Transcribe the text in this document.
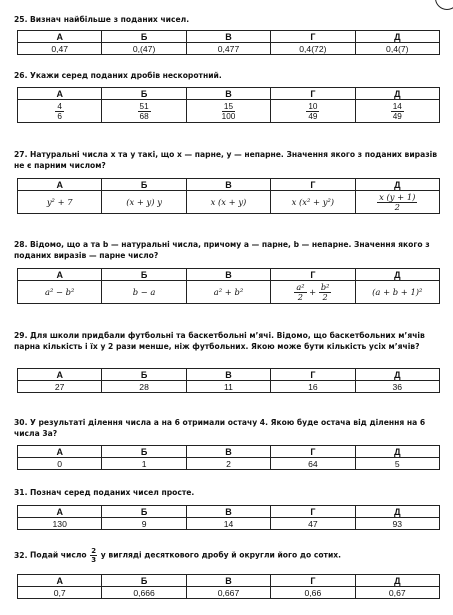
25. Визнач найбільше з поданих чисел.
А	Б	В	Г	Д
0,47	0,(47)	0,477	0,4(72)	0,4(7)
26. Укажи серед поданих дробів нескоротний.
А	Б	В	Г	Д

$\frac{4}{6}$	$\frac{51}{68}$	$\frac{15}{100}$	$\frac{10}{49}$	$\frac{14}{49}$
27. Натуральні числа x та y такі, що x — парне, y — непарне. Значення якого з поданих виразів не є парним числом?
А	Б	В	Г	Д
y² + 7	(x + y) y	x (x + y)	x (x² + y²)	$\frac{x (y + 1)}{2}$
28. Відомо, що a та b — натуральні числа, причому a — парне, b — непарне. Значення якого з поданих виразів — парне число?
А	Б	В	Г	Д
a² − b²	b − a	a² + b²	$\frac{\text{a²}}{2} + \frac{\text{b²}}{2}$	(a + b + 1)²
29. Для школи придбали футбольні та баскетбольні м’ячі. Відомо, що баскетбольних м’ячів парна кількість і їх у 2 рази менше, ніж футбольних. Якою може бути кількість усіх м’ячів?
А	Б	В	Г	Д
27	28	11	16	36
30. У результаті ділення числа a на 6 отримали остачу 4. Якою буде остача від ділення на 6 числа 3a?
А	Б	В	Г	Д
0	1	2	64	5
31. Познач серед поданих чисел просте.
А	Б	В	Г	Д
130	9	14	47	93
32. Подай число $\frac{2}{3}$ у вигляді десяткового дробу й округли його до сотих.
А	Б	В	Г	Д
0,7	0,666	0,667	0,66	0,67
